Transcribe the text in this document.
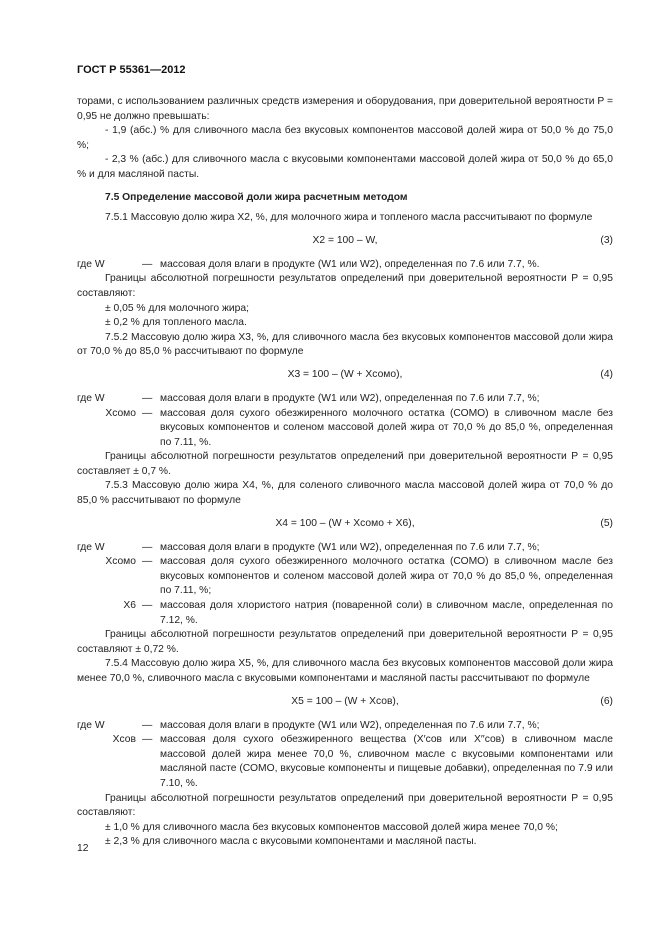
ГОСТ Р 55361—2012

торами, с использованием различных средств измерения и оборудования, при доверительной вероятности P = 0,95 не должно превышать:

- 1,9 (абс.) % для сливочного масла без вкусовых компонентов массовой долей жира от 50,0 % до 75,0 %;

- 2,3 % (абс.) для сливочного масла с вкусовыми компонентами массовой долей жира от 50,0 % до 65,0 % и для масляной пасты.

7.5 Определение массовой доли жира расчетным методом

7.5.1 Массовую долю жира X2, %, для молочного жира и топленого масла рассчитывают по формуле

X2 = 100 – W,	(3)
где W	— массовая доля влаги в продукте (W1 или W2), определенная по 7.6 или 7.7, %.

Границы абсолютной погрешности результатов определений при доверительной вероятности P = 0,95 составляют:

± 0,05 % для молочного жира;

± 0,2 % для топленого масла.

7.5.2 Массовую долю жира X3, %, для сливочного масла без вкусовых компонентов массовой доли жира от 70,0 % до 85,0 % рассчитывают по формуле

X3 = 100 – (W + Xсомо),	(4)
где W	— массовая доля влаги в продукте (W1 или W2), определенная по 7.6 или 7.7, %;
Xсомо — массовая доля сухого обезжиренного молочного остатка (СОМО) в сливочном масле без вкусовых компонентов и соленом массовой долей жира от 70,0 % до 85,0 %, определенная по 7.11, %.

Границы абсолютной погрешности результатов определений при доверительной вероятности P = 0,95 составляет ± 0,7 %.

7.5.3 Массовую долю жира X4, %, для соленого сливочного масла массовой долей жира от 70,0 % до 85,0 % рассчитывают по формуле

X4 = 100 – (W + Xсомо + X6),	(5)
где W	— массовая доля влаги в продукте (W1 или W2), определенная по 7.6 или 7.7, %;
Xсомо — массовая доля сухого обезжиренного молочного остатка (СОМО) в сливочном масле без вкусовых компонентов и соленом массовой долей жира от 70,0 % до 85,0 %, определенная по 7.11, %;
X6 — массовая доля хлористого натрия (поваренной соли) в сливочном масле, определенная по 7.12, %.

Границы абсолютной погрешности результатов определений при доверительной вероятности P = 0,95 составляют ± 0,72 %.

7.5.4 Массовую долю жира X5, %, для сливочного масла без вкусовых компонентов массовой доли жира менее 70,0 %, сливочного масла с вкусовыми компонентами и масляной пасты рассчитывают по формуле

X5 = 100 – (W + Xсов),	(6)
где W	— массовая доля влаги в продукте (W1 или W2), определенная по 7.6 или 7.7, %;
Xсов — массовая доля сухого обезжиренного вещества (X′сов или X′′сов) в сливочном масле массовой долей жира менее 70,0 %, сливочном масле с вкусовыми компонентами или масляной пасте (СОМО, вкусовые компоненты и пищевые добавки), определенная по 7.9 или 7.10, %.

Границы абсолютной погрешности результатов определений при доверительной вероятности P = 0,95 составляют:

± 1,0 % для сливочного масла без вкусовых компонентов массовой долей жира менее 70,0 %;

± 2,3 % для сливочного масла с вкусовыми компонентами и масляной пасты.

12
